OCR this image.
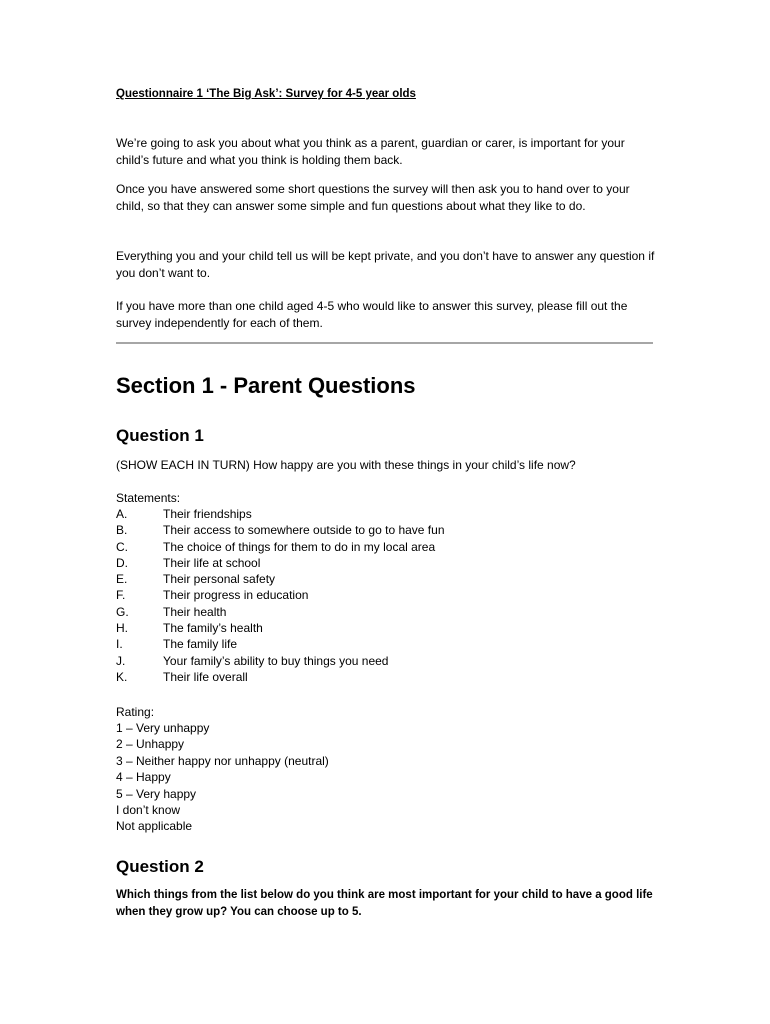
Questionnaire 1 ‘The Big Ask’: Survey for 4-5 year olds
We’re going to ask you about what you think as a parent, guardian or carer, is important for your child’s future and what you think is holding them back.
Once you have answered some short questions the survey will then ask you to hand over to your child, so that they can answer some simple and fun questions about what they like to do.
Everything you and your child tell us will be kept private, and you don’t have to answer any question if you don’t want to.
If you have more than one child aged 4-5 who would like to answer this survey, please fill out the survey independently for each of them.
Section 1 - Parent Questions
Question 1
(SHOW EACH IN TURN) How happy are you with these things in your child’s life now?
Statements:
A.	Their friendships
B.	Their access to somewhere outside to go to have fun
C.	The choice of things for them to do in my local area
D.	Their life at school
E.	Their personal safety
F.	Their progress in education
G.	Their health
H.	The family’s health
I.	The family life
J.	Your family’s ability to buy things you need
K.	Their life overall
Rating:
1 – Very unhappy
2 – Unhappy
3 – Neither happy nor unhappy (neutral)
4 – Happy
5 – Very happy
I don’t know
Not applicable
Question 2
Which things from the list below do you think are most important for your child to have a good life when they grow up? You can choose up to 5.
